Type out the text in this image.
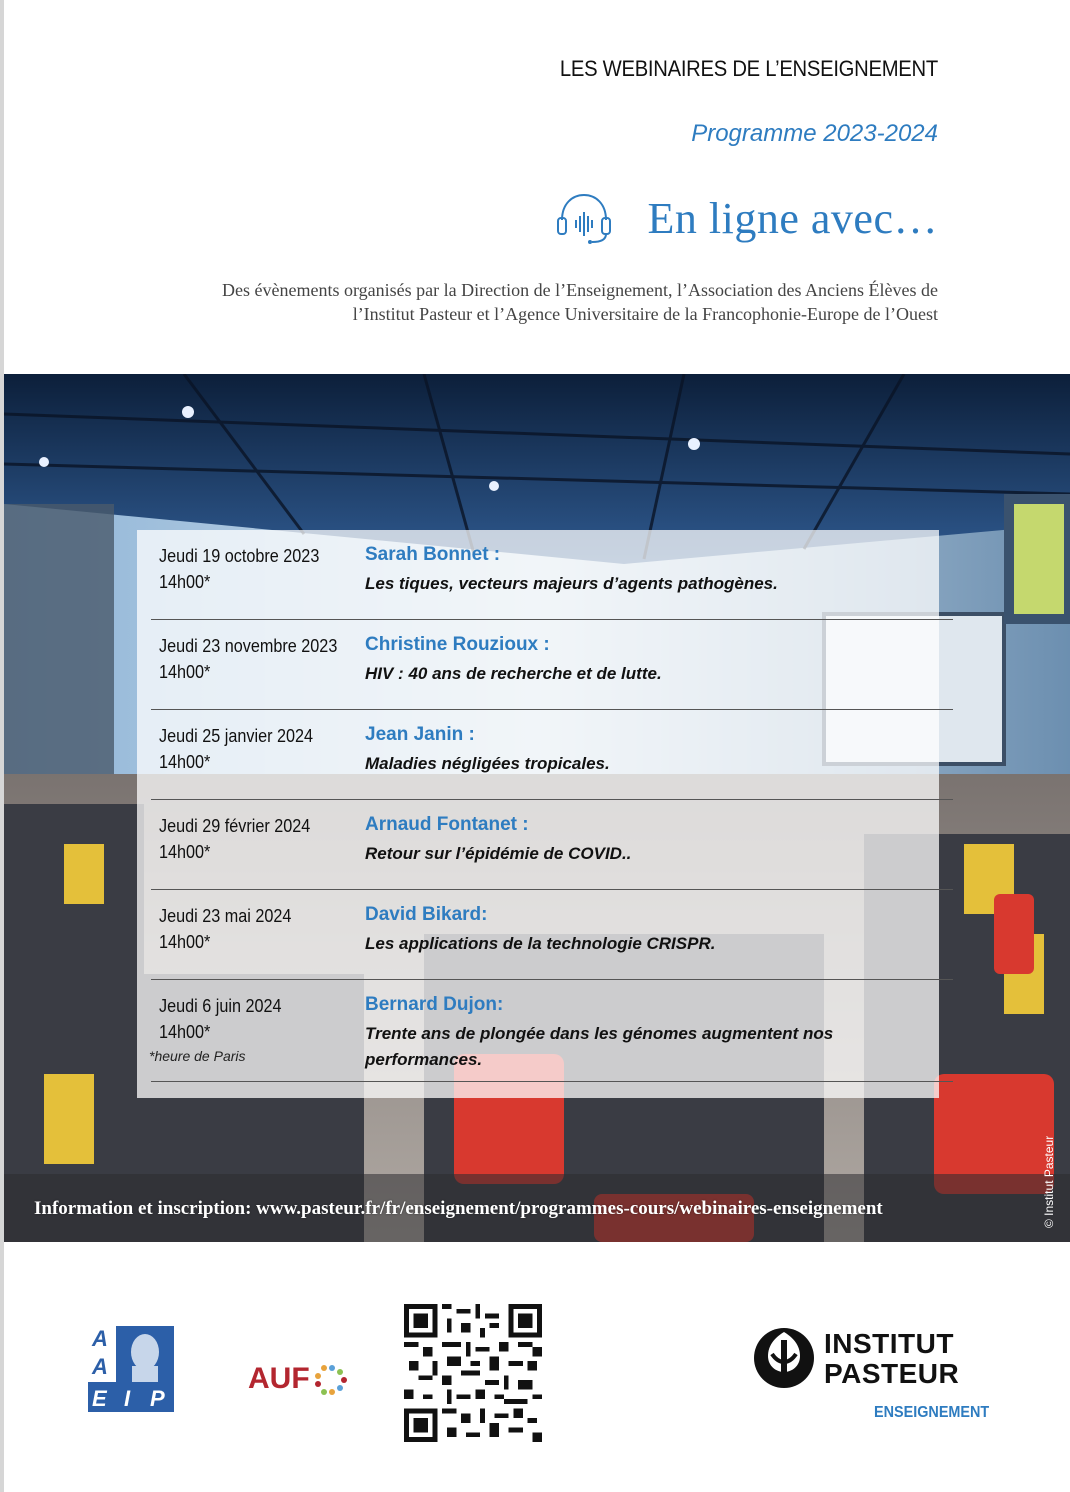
LES WEBINAIRES DE L’ENSEIGNEMENT
Programme 2023-2024
En ligne avec…
Des évènements organisés par la Direction de l’Enseignement, l’Association des Anciens Élèves de
l’Institut Pasteur et l’Agence Universitaire de la Francophonie-Europe de l’Ouest
Jeudi 19 octobre 2023
14h00*
Sarah Bonnet :
Les tiques, vecteurs majeurs d’agents pathogènes.
Jeudi 23 novembre 2023
14h00*
Christine Rouzioux :
HIV : 40 ans de recherche et de lutte.
Jeudi 25 janvier 2024
14h00*
Jean Janin :
Maladies négligées tropicales.
Jeudi 29 février 2024
14h00*
Arnaud Fontanet :
Retour sur l’épidémie de COVID..
Jeudi 23 mai 2024
14h00*
David Bikard:
Les applications de la technologie CRISPR.
Jeudi 6 juin 2024
14h00*
*heure de Paris
Bernard Dujon:
Trente ans de plongée dans les génomes augmentent nos performances.
Information et inscription: www.pasteur.fr/fr/enseignement/programmes-cours/webinaires-enseignement	© Institut Pasteur
A
A
E I P
AUF
INSTITUT
PASTEUR
ENSEIGNEMENT
